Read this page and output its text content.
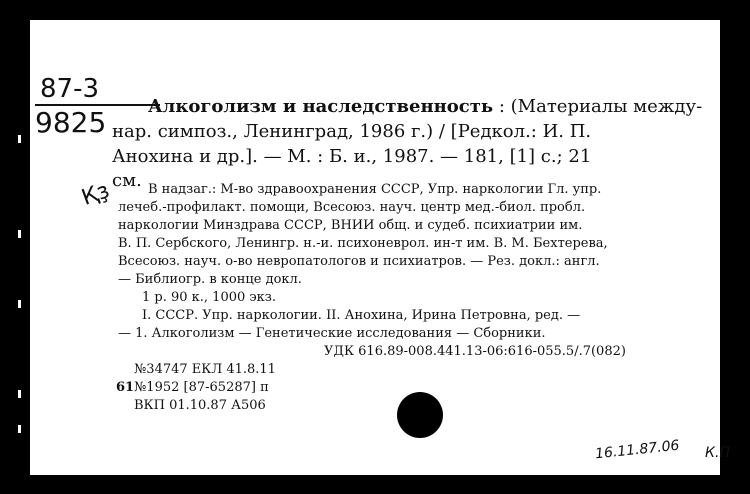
87-3
9825
Қҙ
Алкоголизм и наследственность : (Материалы между-
нар. симпоз., Ленинград, 1986 г.) / [Редкол.: И. П.
Анохина и др.]. — М. : Б. и., 1987. — 181, [1] с.; 21
см. В надзаг.: М-во здравоохранения СССР, Упр. наркологии Гл. упр.
лечеб.-профилакт. помощи, Всесоюз. науч. центр мед.-биол. пробл.
наркологии Минздрава СССР, ВНИИ общ. и судеб. психиатрии им.
В. П. Сербского, Ленингр. н.-и. психоневрол. ин-т им. В. М. Бехтерева,
Всесоюз. науч. о-во невропатологов и психиатров. — Рез. докл.: англ.
— Библиогр. в конце докл.
1 р. 90 к., 1000 экз.
I. СССР. Упр. наркологии. II. Анохина, Ирина Петровна, ред. —
— 1. Алкоголизм — Генетические исследования — Сборники.
УДК 616.89-008.441.13-06:616-055.5/.7(082)
№34747 ЕКЛ 41.8.11
61 №1952 [87-65287] п
ВКП 01.10.87 А506
16.11.87.06 К.П
